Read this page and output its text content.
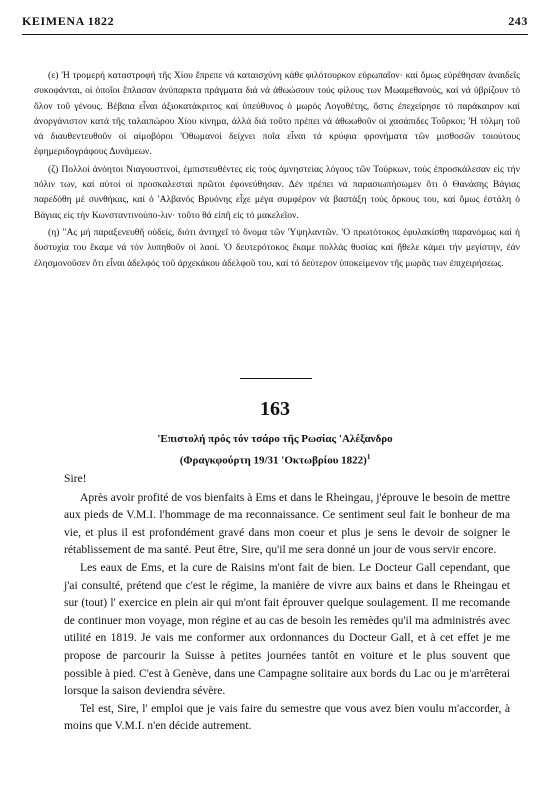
ΚΕΙΜΕΝΑ 1822	243

(ε) 'Η τρομερή καταστροφή τῆς Χίου ἔπρεπε νά καταισχύνη κάθε φιλότουρκον εὐρωπαῖον· καί ὅμως εὐρέθησαν ἀναιδεῖς συκοφάνται, οἱ ὁποῖοι ἔπλασαν ἀνύπαρκτα πράγματα διά νά ἀθωώσουν τούς φίλους των Μωαμεθανούς, καί νά ὑβρίζουν τό ὅλον τοῦ γένους. Βέβαια εἶναι ἀξιοκατάκριτος καί ὑπεύθυνος ὁ μωρός Λογοθέτης, ὅστις ἐπεχείρησε τό παράκαιρον καί ἀνοργάνιστον κατά τῆς ταλαιπώρου Χίου κίνημα, ἀλλά διά τοῦτο πρέπει νά ἀθωωθοῦν οἱ χασάπιδες Τοῦρκοι; 'Η τόλμη τοῦ νά διαυθεντευθοῦν οἱ αἱμοβόροι 'Οθωμανοί δείχνει ποῖα εἶναι τά κρύφια φρονήματα τῶν μισθοσῶν τοιούτους ἐφημεριδογράφους Δυνάμεων.

(ζ) Πολλοί ἀνόητοι Νιαγουστινοί, ἐμπιστευθέντες εἰς τούς ἀμνηστείας λόγους τῶν Τούρκων, τούς ἐπροσκάλεσαν εἰς τήν πόλιν των, καί αὐτοί οἱ προσκαλεσταί πρῶτοι ἐφονεύθησαν. Δέν πρέπει νά παρασιωπήσωμεν ὅτι ὁ Θανάσης Βάγιας παρεδόθη μέ συνθήκας, καί ὁ 'Αλβανός Βρυόνης εἶχε μέγα συμφέρον νά βαστάξη τούς ὅρκους του, καί ὅμως ἐστάλη ὁ Βάγιας εἰς τήν Κωνσταντινούπο-λιν· τοῦτο θά εἰπῆ εἰς τό μακελεῖον.

(η) "Ας μή παραξενευθῆ οὐδείς, διότι ἀντηχεῖ τό ὄνομα τῶν 'Υψηλαντῶν. 'Ο πρωτότοκος ἐφυλακίσθη παρανόμως καί ἡ δυστυχία του ἔκαμε νά τόν λυπηθοῦν οἱ λαοί. 'Ο δευτερότοκος ἔκαμε πολλάς θυσίας καί ἤθελε κάμει τήν μεγίστην, ἐάν ἐλησμονοῦσεν ὅτι εἶναι ἀδελφός τοῦ ἀρχεκάκου ἀδελφοῦ του, καί τό δεύτερον ὑποκείμενον τῆς μωρᾶς των ἐπιχειρήσεως.

163
'Επιστολή πρός τόν τσάρο τῆς Ρωσίας 'Αλέξανδρο
(Φραγκφούρτη 19/31 'Οκτωβρίου 1822)$^1$

Sire!

Après avoir profité de vos bienfaits à Ems et dans le Rheingau, j'éprouve le besoin de mettre aux pieds de V.M.I. l'hommage de ma reconnaissance. Ce sentiment seul fait le bonheur de ma vie, et plus il est profondément gravé dans mon coeur et plus je sens le devoir de soigner le rétablissement de ma santé. Peut être, Sire, qu'il me sera donné un jour de vous servir encore.

Les eaux de Ems, et la cure de Raisins m'ont fait de bien. Le Docteur Gall cependant, que j'ai consulté, prétend que c'est le régime, la manière de vivre aux bains et dans le Rheingau et sur (tout) l' exercice en plein air qui m'ont fait éprouver quelque soulagement. Il me recomande de continuer mon voyage, mon régine et au cas de besoin les remèdes qu'il ma administrés avec utilité en 1819. Je vais me conformer aux ordonnances du Docteur Gall, et à cet effet je me propose de parcourir la Suisse à petites journées tantôt en voiture et le plus souvent que possible à pied. C'est à Genève, dans une Campagne solitaire aux bords du Lac ou je m'arrêterai lorsque la saison deviendra sévère.

Tel est, Sire, l' emploi que je vais faire du semestre que vous avez bien voulu m'accorder, à moins que V.M.I. n'en décide autrement.
